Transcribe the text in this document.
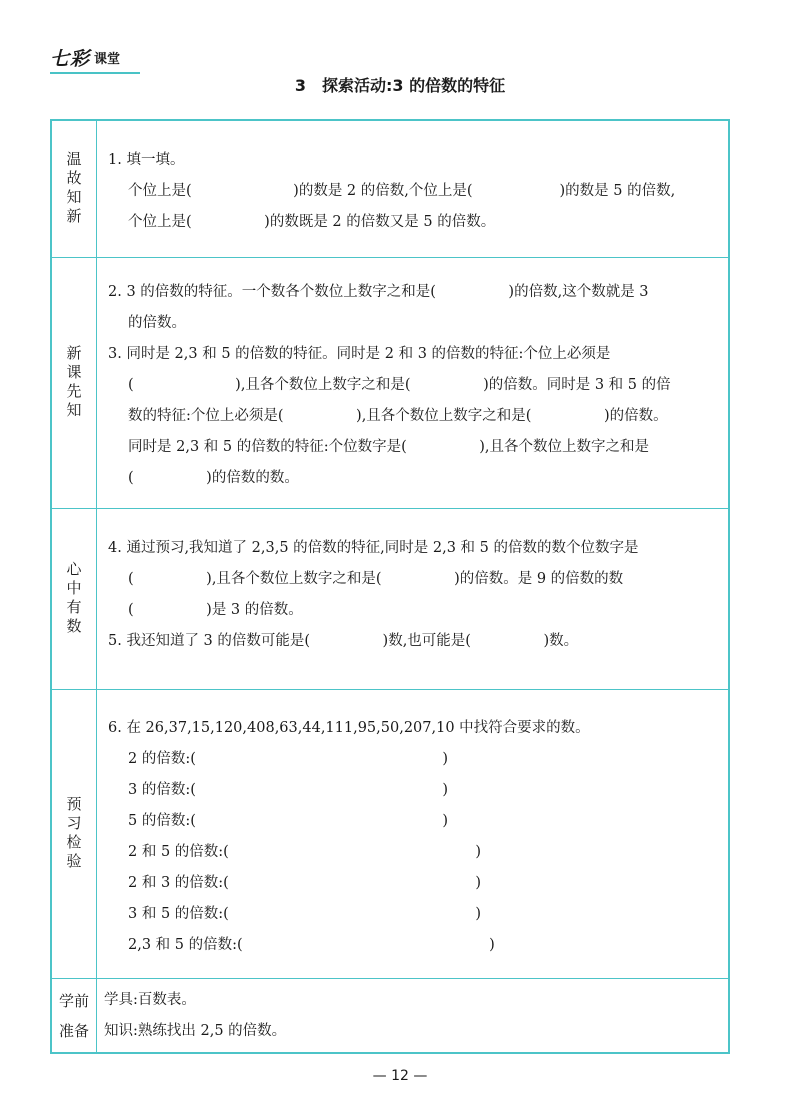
七彩 课堂
3　探索活动:3 的倍数的特征
温故知新 1. 填一填。
个位上是(　　　　　　　)的数是 2 的倍数,个位上是(　　　　　　)的数是 5 的倍数,
个位上是(　　　　　)的数既是 2 的倍数又是 5 的倍数。
新课先知
2. 3 的倍数的特征。一个数各个数位上数字之和是(　　　　　)的倍数,这个数就是 3
的倍数。
3. 同时是 2,3 和 5 的倍数的特征。同时是 2 和 3 的倍数的特征:个位上必须是
(　　　　　　　),且各个数位上数字之和是(　　　　　)的倍数。同时是 3 和 5 的倍
数的特征:个位上必须是(　　　　　),且各个数位上数字之和是(　　　　　)的倍数。
同时是 2,3 和 5 的倍数的特征:个位数字是(　　　　　),且各个数位上数字之和是
(　　　　　)的倍数的数。
心中有数
4. 通过预习,我知道了 2,3,5 的倍数的特征,同时是 2,3 和 5 的倍数的数个位数字是
(　　　　　),且各个数位上数字之和是(　　　　　)的倍数。是 9 的倍数的数
(　　　　　)是 3 的倍数。
5. 我还知道了 3 的倍数可能是(　　　　　)数,也可能是(　　　　　)数。
预习检验
6. 在 26,37,15,120,408,63,44,111,95,50,207,10 中找符合要求的数。
2 的倍数:(　　　　　　　　　　　　　　　　　)
3 的倍数:(　　　　　　　　　　　　　　　　　)
5 的倍数:(　　　　　　　　　　　　　　　　　)
2 和 5 的倍数:(　　　　　　　　　　　　　　　　　)
2 和 3 的倍数:(　　　　　　　　　　　　　　　　　)
3 和 5 的倍数:(　　　　　　　　　　　　　　　　　)
2,3 和 5 的倍数:(　　　　　　　　　　　　　　　　　)
学前
准备
学具:百数表。
知识:熟练找出 2,5 的倍数。
— 12 —
